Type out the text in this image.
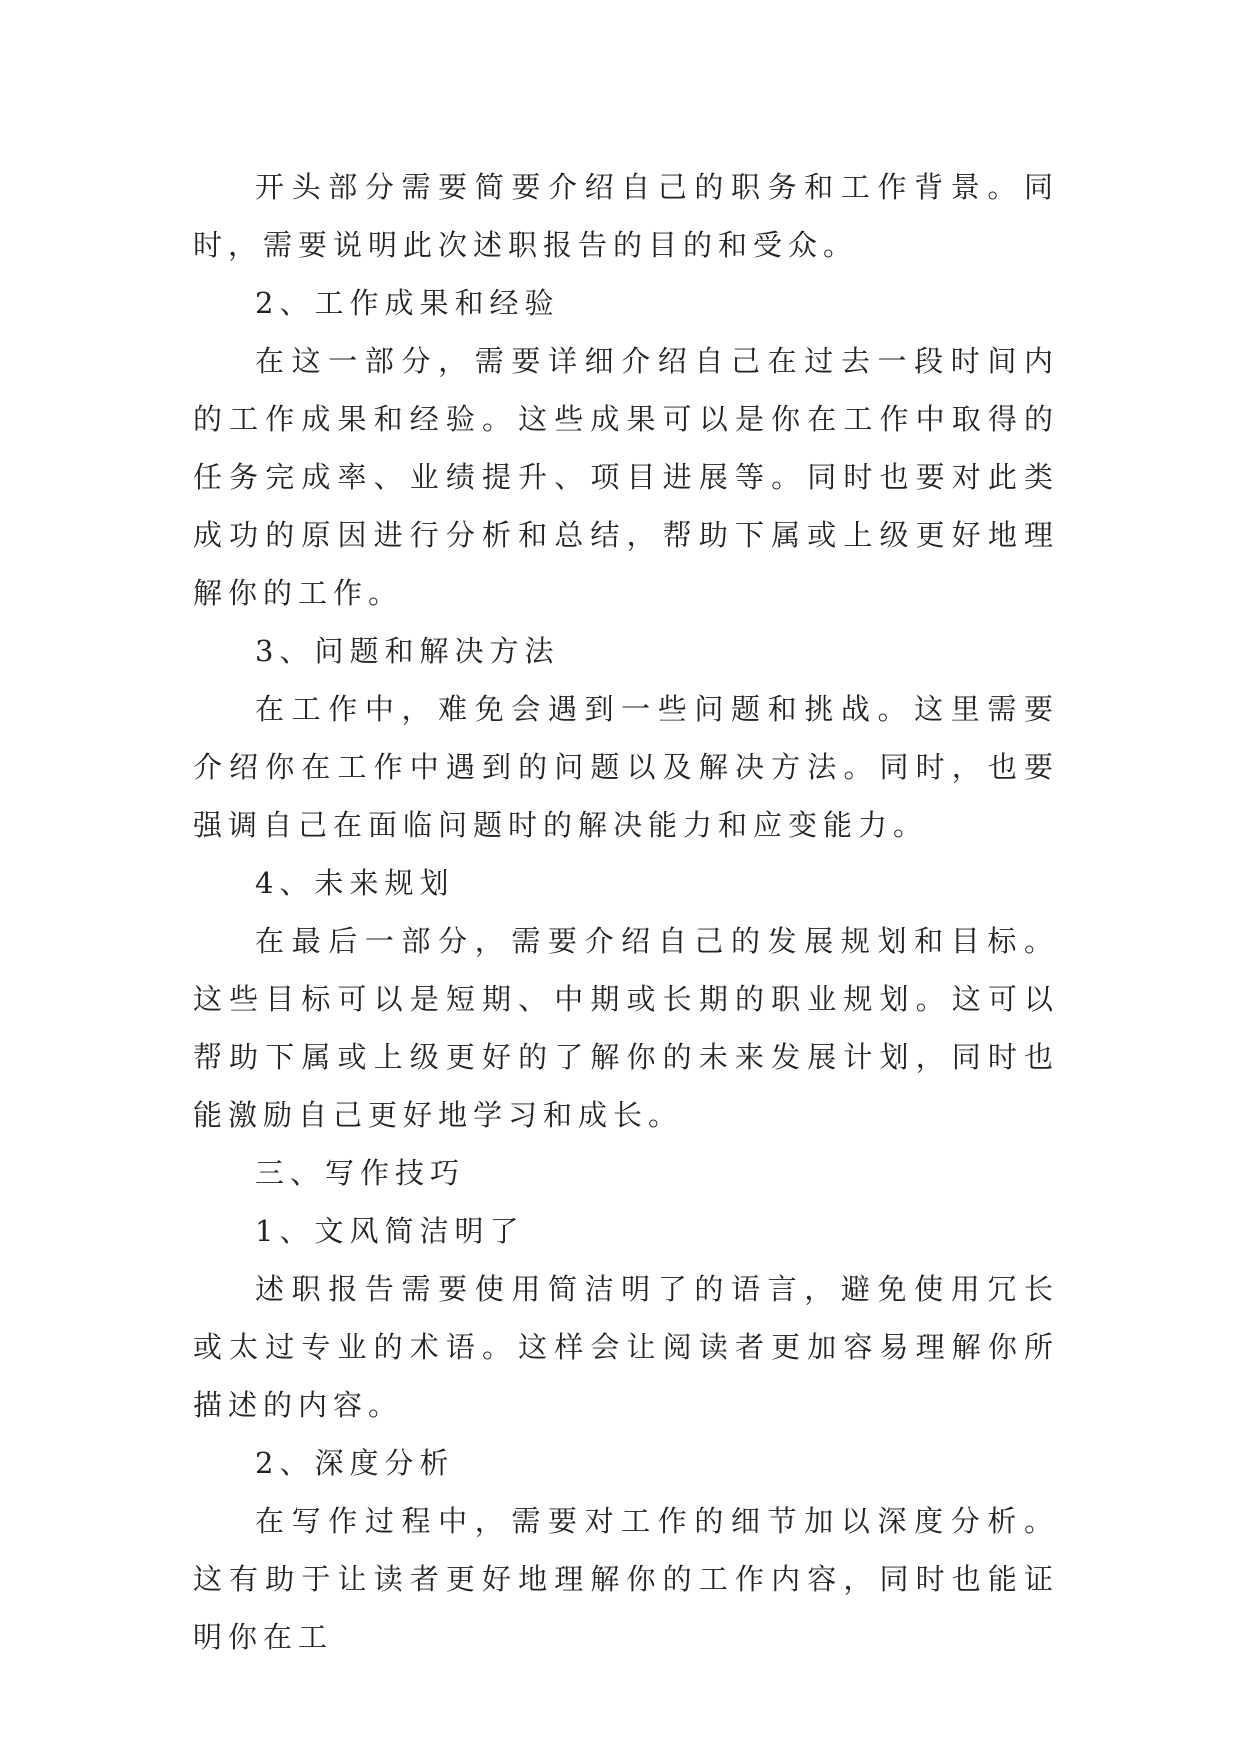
开头部分需要简要介绍自己的职务和工作背景。同时，需要说明此次述职报告的目的和受众。

2、工作成果和经验

在这一部分，需要详细介绍自己在过去一段时间内的工作成果和经验。这些成果可以是你在工作中取得的任务完成率、业绩提升、项目进展等。同时也要对此类成功的原因进行分析和总结，帮助下属或上级更好地理解你的工作。

3、问题和解决方法

在工作中，难免会遇到一些问题和挑战。这里需要介绍你在工作中遇到的问题以及解决方法。同时，也要强调自己在面临问题时的解决能力和应变能力。

4、未来规划

在最后一部分，需要介绍自己的发展规划和目标。这些目标可以是短期、中期或长期的职业规划。这可以帮助下属或上级更好的了解你的未来发展计划，同时也能激励自己更好地学习和成长。

三、写作技巧

1、文风简洁明了

述职报告需要使用简洁明了的语言，避免使用冗长或太过专业的术语。这样会让阅读者更加容易理解你所描述的内容。

2、深度分析

在写作过程中，需要对工作的细节加以深度分析。这有助于让读者更好地理解你的工作内容，同时也能证明你在工
